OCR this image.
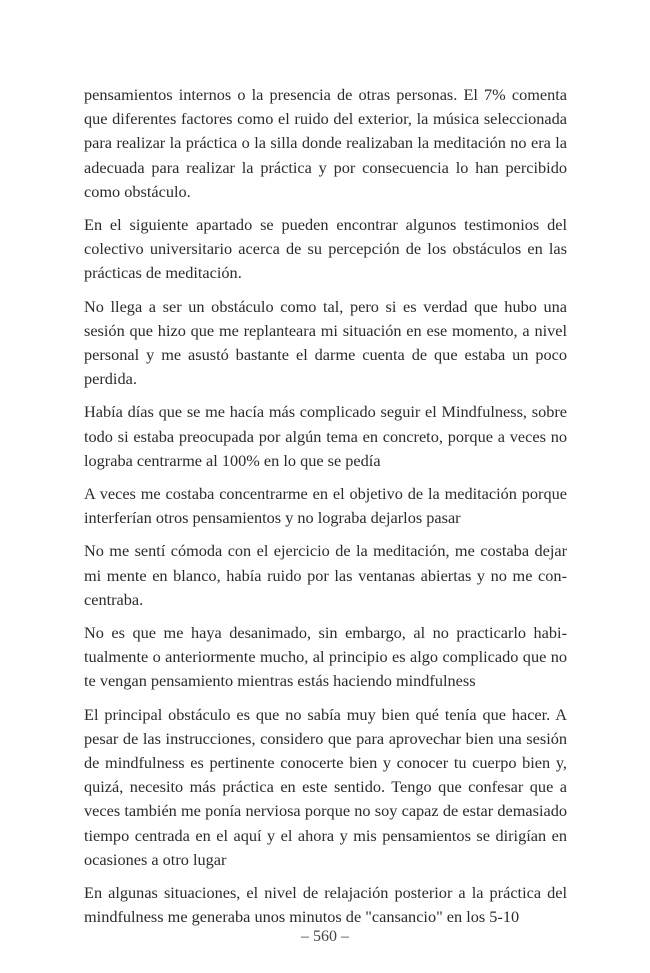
pensamientos internos o la presencia de otras personas. El 7% comenta que diferentes factores como el ruido del exterior, la música seleccionada para realizar la práctica o la silla donde realizaban la meditación no era la adecuada para realizar la práctica y por consecuencia lo han percibido como obstáculo.

En el siguiente apartado se pueden encontrar algunos testimonios del colectivo universitario acerca de su percepción de los obstáculos en las prácticas de meditación.

No llega a ser un obstáculo como tal, pero si es verdad que hubo una sesión que hizo que me replanteara mi situación en ese momento, a nivel personal y me asustó bastante el darme cuenta de que estaba un poco perdida.

Había días que se me hacía más complicado seguir el Mindfulness, sobre todo si estaba preocupada por algún tema en concreto, porque a veces no lograba centrarme al 100% en lo que se pedía

A veces me costaba concentrarme en el objetivo de la meditación porque interferían otros pensamientos y no lograba dejarlos pasar

No me sentí cómoda con el ejercicio de la meditación, me costaba dejar mi mente en blanco, había ruido por las ventanas abiertas y no me concentraba.

No es que me haya desanimado, sin embargo, al no practicarlo habitualmente o anteriormente mucho, al principio es algo complicado que no te vengan pensamiento mientras estás haciendo mindfulness

El principal obstáculo es que no sabía muy bien qué tenía que hacer. A pesar de las instrucciones, considero que para aprovechar bien una sesión de mindfulness es pertinente conocerte bien y conocer tu cuerpo bien y, quizá, necesito más práctica en este sentido. Tengo que confesar que a veces también me ponía nerviosa porque no soy capaz de estar demasiado tiempo centrada en el aquí y el ahora y mis pensamientos se dirigían en ocasiones a otro lugar

En algunas situaciones, el nivel de relajación posterior a la práctica del mindfulness me generaba unos minutos de "cansancio" en los 5-10

– 560 –
